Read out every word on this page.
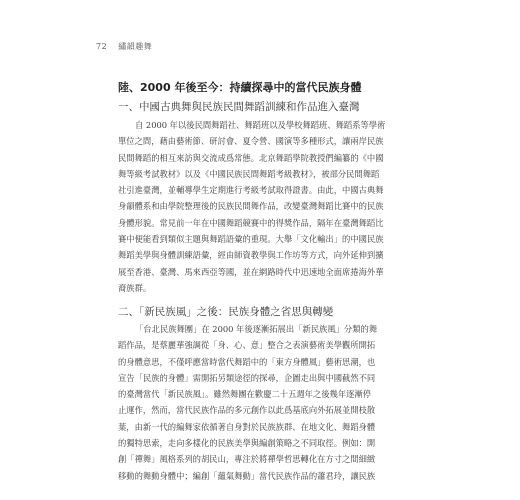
72 繡韻趣舞
陸、2000 年後至今：持續探尋中的當代民族身體
一、中國古典舞與民族民間舞蹈訓練和作品進入臺灣
自 2000 年以後民間舞蹈社、舞蹈班以及學校舞蹈班、舞蹈系等學術
單位之間，藉由藝術節、研討會、夏令營、國演等多種形式，讓兩岸民族
民間舞蹈的相互來訪與交流成爲常態。北京舞蹈學院教授們編纂的《中國
舞等級考試教材》以及《中國民族民間舞蹈考級教材》，被部分民間舞蹈
社引進臺灣，並輔導學生定期進行考級考試取得證書。由此，中國古典舞
身韻體系和由學院整理後的民族民間舞作品，改變臺灣舞蹈比賽中的民族
身體形貌。常見前一年在中國舞蹈競賽中的得獎作品，隔年在臺灣舞蹈比
賽中便能看到類似主題與舞蹈語彙的重現。大舉「文化輸出」的中國民族
舞蹈美學與身體訓練語彙，經由師資教學與工作坊等方式，向外延伸到擴
展至香港、臺灣、馬來西亞等國，並在網路時代中迅速地全面席捲海外華
裔族群。
二、「新民族風」之後：民族身體之省思與轉變
「台北民族舞團」在 2000 年後逐漸拓展出「新民族風」分類的舞
蹈作品，是蔡麗華強調從「身、心、意」整合之表演藝術美學觀所開拓
的身體意思，不僅呼應當時當代舞蹈中的「東方身體風」藝術思潮，也
宣告「民族的身體」需開拓另類途徑的探尋，企圖走出與中國截然不同
的臺灣當代「新民族風」。雖然舞團在歡慶二十五週年之後幾年逐漸停
止運作，然而，當代民族作品的多元創作以此爲基底向外拓展並開枝散
葉，由新一代的編舞家依循著自身對於民族族群、在地文化、舞蹈身體
的獨特思索，走向多樣化的民族美學與編創策略之不同取徑。例如：開
創「禪舞」風格系列的胡民山，專注於將禪學哲思轉化在方寸之間細緻
移動的舞動身體中；編創「蘊氣舞動」當代民族作品的蕭君玲，讓民族
